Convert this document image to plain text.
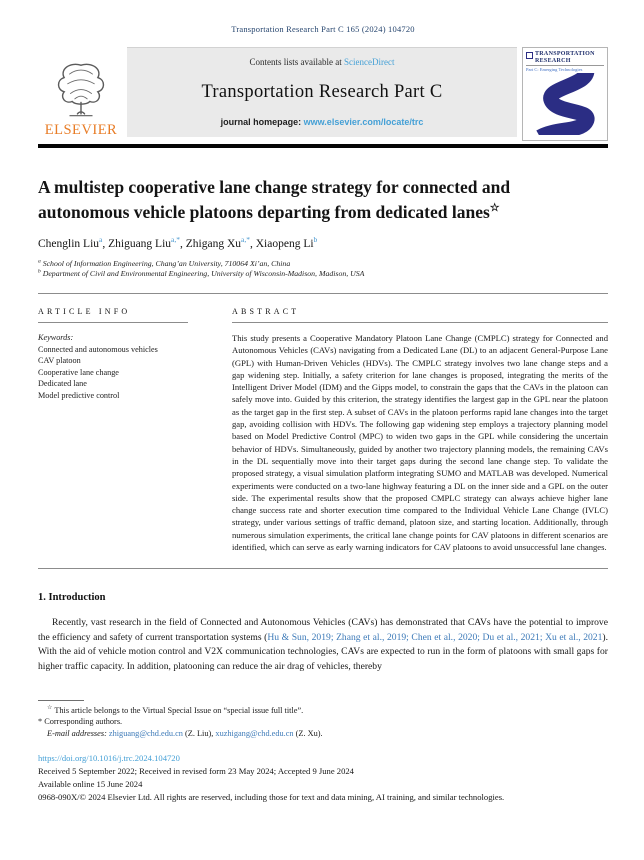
Transportation Research Part C 165 (2024) 104720
ELSEVIER
Contents lists available at ScienceDirect
Transportation Research Part C
journal homepage: www.elsevier.com/locate/trc
TRANSPORTATION
RESEARCH
Part C: Emerging Technologies
A multistep cooperative lane change strategy for connected and autonomous vehicle platoons departing from dedicated lanes☆
Chenglin Liu$^a$, Zhiguang Liu$^{a,*}$, Zhigang $Xu^{a,*}$, Xiaopeng Li$^b$
$^a$ School of Information Engineering, Chang’an University, 710064 Xi’an, China
$^b$ Department of Civil and Environmental Engineering, University of Wisconsin-Madison, Madison, USA
ARTICLE INFO
Keywords:
Connected and autonomous vehicles
CAV platoon
Cooperative lane change
Dedicated lane
Model predictive control
ABSTRACT
This study presents a Cooperative Mandatory Platoon Lane Change (CMPLC) strategy for Connected and Autonomous Vehicles (CAVs) navigating from a Dedicated Lane (DL) to an adjacent General-Purpose Lane (GPL) with Human-Driven Vehicles (HDVs). The CMPLC strategy involves two lane change steps and a gap widening step. Initially, a safety criterion for lane changes is proposed, integrating the merits of the Intelligent Driver Model (IDM) and the Gipps model, to constrain the gaps that the CAVs in the platoon can safely move into. Guided by this criterion, the strategy identifies the largest gap in the GPL near the platoon as the target gap in the first step. A subset of CAVs in the platoon performs rapid lane changes into the target gap, avoiding collision with HDVs. The following gap widening step employs a trajectory planning model based on Model Predictive Control (MPC) to widen two gaps in the GPL while considering the uncertain behavior of HDVs. Simultaneously, guided by another two trajectory planning models, the remaining CAVs in the DL sequentially move into their target gaps during the second lane change step. To validate the proposed strategy, a visual simulation platform integrating SUMO and MATLAB was developed. Numerical experiments were conducted on a two-lane highway featuring a DL on the inner side and a GPL on the outer side. The experimental results show that the proposed CMPLC strategy can always achieve higher lane change success rate and shorter execution time compared to the Individual Vehicle Lane Change (IVLC) strategy, under various settings of traffic demand, platoon size, and starting location. Additionally, through numerous simulation experiments, the critical lane change points for CAV platoons in different scenarios are identified, which can serve as early warning indicators for CAV platoons to avoid unsuccessful lane changes.
1. Introduction

Recently, vast research in the field of Connected and Autonomous Vehicles (CAVs) has demonstrated that CAVs have the potential to improve the efficiency and safety of current transportation systems (Hu & Sun, 2019; Zhang et al., 2019; Chen et al., 2020; Du et al., 2021; Xu et al., 2021). With the aid of vehicle motion control and V2X communication technologies, CAVs are expected to run in the form of platoons with small gaps for higher traffic capacity. In addition, platooning can reduce the air drag of vehicles, thereby

☆ This article belongs to the Virtual Special Issue on “special issue full title”.
* Corresponding authors.
E-mail addresses: zhiguang@chd.edu.cn (Z. Liu), xuzhigang@chd.edu.cn (Z. Xu).
https://doi.org/10.1016/j.trc.2024.104720
Received 5 September 2022; Received in revised form 23 May 2024; Accepted 9 June 2024
Available online 15 June 2024
0968-090X/© 2024 Elsevier Ltd. All rights are reserved, including those for text and data mining, AI training, and similar technologies.
